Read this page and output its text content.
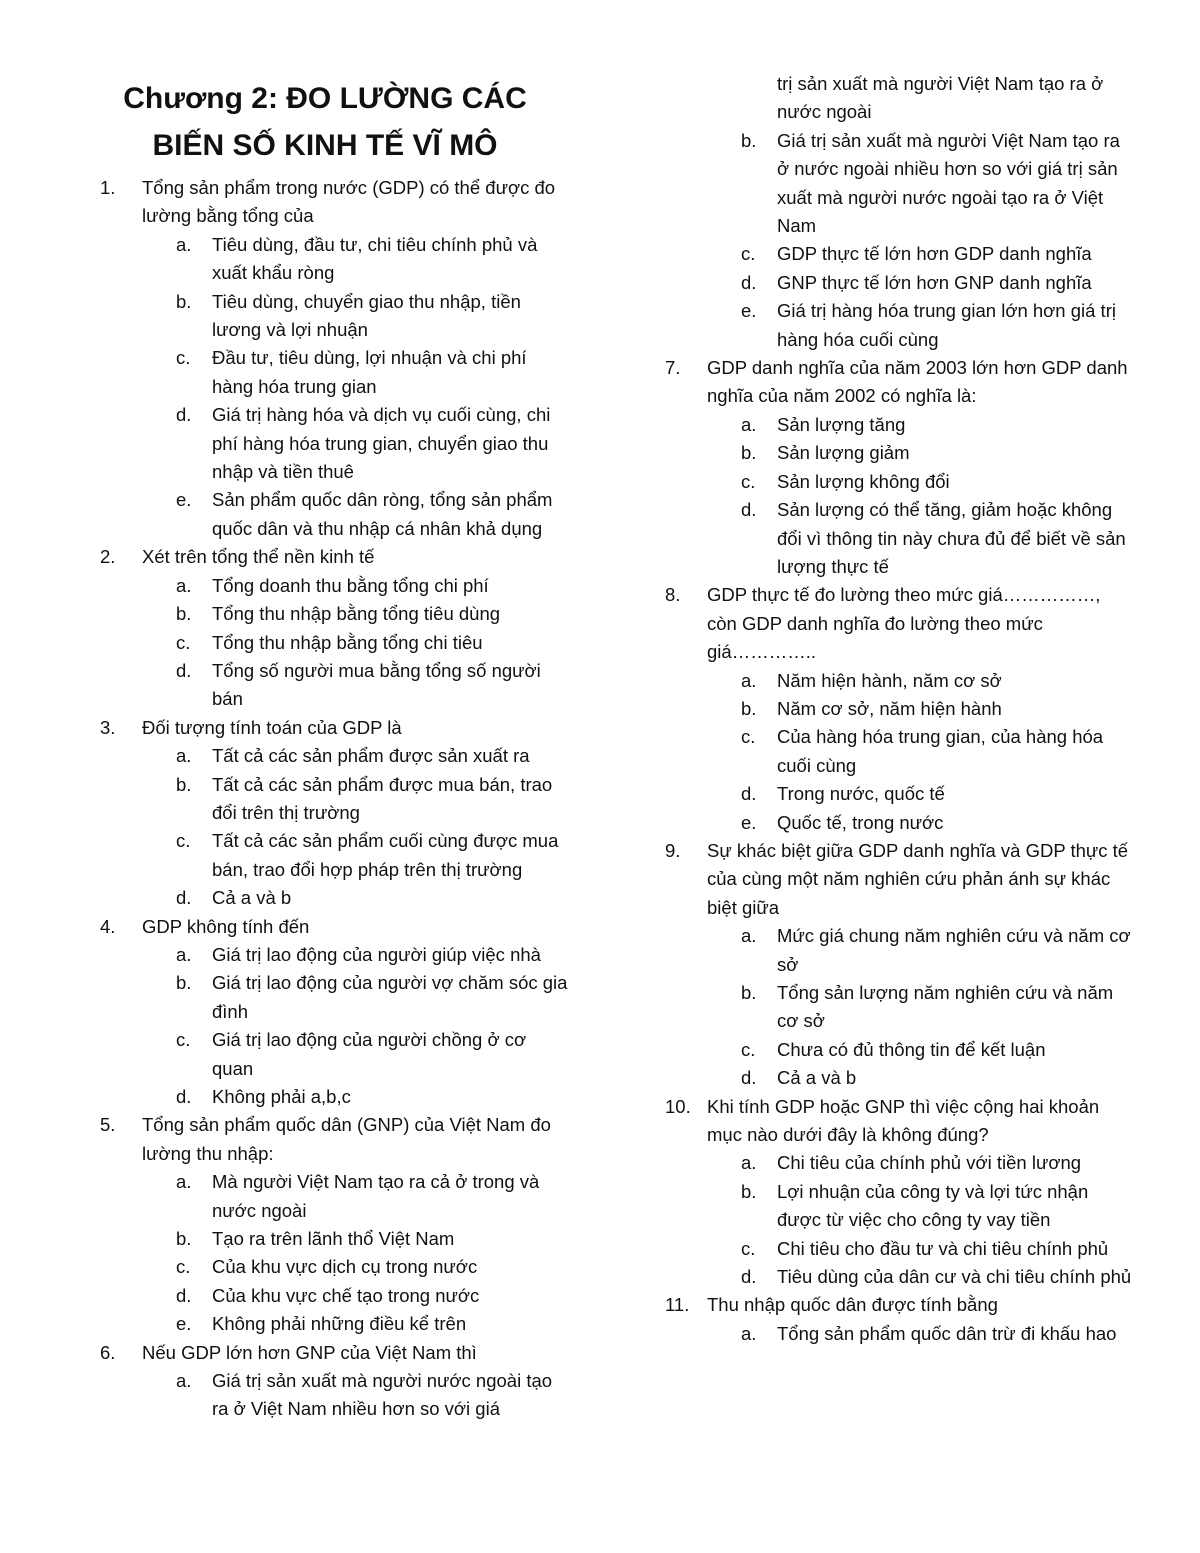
Chương 2: ĐO LƯỜNG CÁC
BIẾN SỐ KINH TẾ VĨ MÔ
1. Tổng sản phẩm trong nước (GDP) có thể được đo lường bằng tổng của
a. Tiêu dùng, đầu tư, chi tiêu chính phủ và xuất khẩu ròng
b. Tiêu dùng, chuyển giao thu nhập, tiền lương và lợi nhuận
c. Đầu tư, tiêu dùng, lợi nhuận và chi phí hàng hóa trung gian
d. Giá trị hàng hóa và dịch vụ cuối cùng, chi phí hàng hóa trung gian, chuyển giao thu nhập và tiền thuê
e. Sản phẩm quốc dân ròng, tổng sản phẩm quốc dân và thu nhập cá nhân khả dụng
2. Xét trên tổng thể nền kinh tế
a. Tổng doanh thu bằng tổng chi phí
b. Tổng thu nhập bằng tổng tiêu dùng
c. Tổng thu nhập bằng tổng chi tiêu
d. Tổng số người mua bằng tổng số người bán
3. Đối tượng tính toán của GDP là
a. Tất cả các sản phẩm được sản xuất ra
b. Tất cả các sản phẩm được mua bán, trao đổi trên thị trường
c. Tất cả các sản phẩm cuối cùng được mua bán, trao đổi hợp pháp trên thị trường
d. Cả a và b
4. GDP không tính đến
a. Giá trị lao động của người giúp việc nhà
b. Giá trị lao động của người vợ chăm sóc gia đình
c. Giá trị lao động của người chồng ở cơ quan
d. Không phải a,b,c
5. Tổng sản phẩm quốc dân (GNP) của Việt Nam đo lường thu nhập:
a. Mà người Việt Nam tạo ra cả ở trong và nước ngoài
b. Tạo ra trên lãnh thổ Việt Nam
c. Của khu vực dịch cụ trong nước
d. Của khu vực chế tạo trong nước
e. Không phải những điều kể trên
6. Nếu GDP lớn hơn GNP của Việt Nam thì
a. Giá trị sản xuất mà người nước ngoài tạo ra ở Việt Nam nhiều hơn so với giá
trị sản xuất mà người Việt Nam tạo ra ở nước ngoài
b. Giá trị sản xuất mà người Việt Nam tạo ra ở nước ngoài nhiều hơn so với giá trị sản xuất mà người nước ngoài tạo ra ở Việt Nam
c. GDP thực tế lớn hơn GDP danh nghĩa
d. GNP thực tế lớn hơn GNP danh nghĩa
e. Giá trị hàng hóa trung gian lớn hơn giá trị hàng hóa cuối cùng
7. GDP danh nghĩa của năm 2003 lớn hơn GDP danh nghĩa của năm 2002 có nghĩa là:
a. Sản lượng tăng
b. Sản lượng giảm
c. Sản lượng không đổi
d. Sản lượng có thể tăng, giảm hoặc không đổi vì thông tin này chưa đủ để biết về sản lượng thực tế
8. GDP thực tế đo lường theo mức giá……………, còn GDP danh nghĩa đo lường theo mức giá…………..
a. Năm hiện hành, năm cơ sở
b. Năm cơ sở, năm hiện hành
c. Của hàng hóa trung gian, của hàng hóa cuối cùng
d. Trong nước, quốc tế
e. Quốc tế, trong nước
9. Sự khác biệt giữa GDP danh nghĩa và GDP thực tế của cùng một năm nghiên cứu phản ánh sự khác biệt giữa
a. Mức giá chung năm nghiên cứu và năm cơ sở
b. Tổng sản lượng năm nghiên cứu và năm cơ sở
c. Chưa có đủ thông tin để kết luận
d. Cả a và b
10. Khi tính GDP hoặc GNP thì việc cộng hai khoản mục nào dưới đây là không đúng?
a. Chi tiêu của chính phủ với tiền lương
b. Lợi nhuận của công ty và lợi tức nhận được từ việc cho công ty vay tiền
c. Chi tiêu cho đầu tư và chi tiêu chính phủ
d. Tiêu dùng của dân cư và chi tiêu chính phủ
11. Thu nhập quốc dân được tính bằng
a. Tổng sản phẩm quốc dân trừ đi khấu hao
